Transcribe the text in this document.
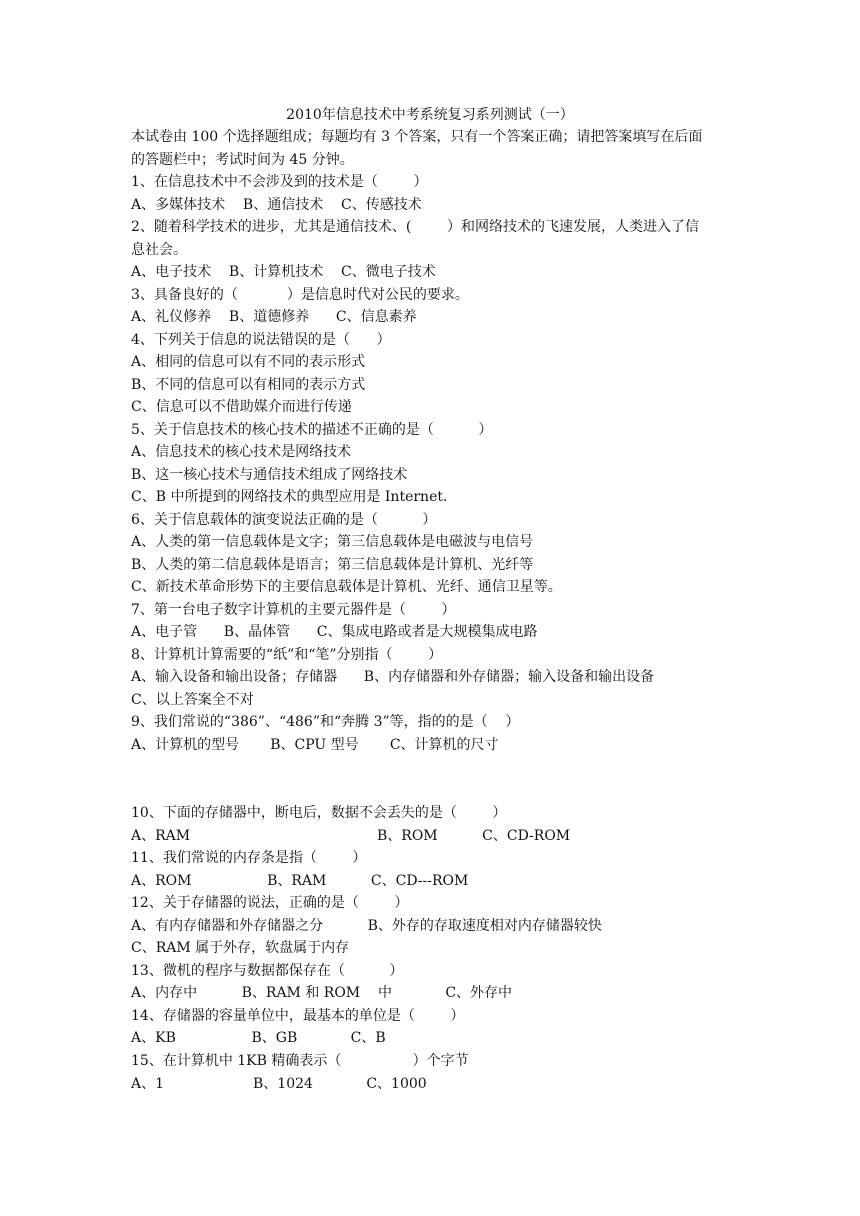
2010年信息技术中考系统复习系列测试（一）

本试卷由 100 个选择题组成；每题均有 3 个答案，只有一个答案正确；请把答案填写在后面

的答题栏中；考试时间为 45 分钟。

1、在信息技术中不会涉及到的技术是（        ）

A、多媒体技术    B、通信技术    C、传感技术

2、随着科学技术的进步，尤其是通信技术、(        ）和网络技术的飞速发展，人类进入了信

息社会。

A、电子技术    B、计算机技术    C、微电子技术

3、具备良好的（           ）是信息时代对公民的要求。

A、礼仪修养    B、道德修养      C、信息素养

4、下列关于信息的说法错误的是（      ）

A、相同的信息可以有不同的表示形式

B、不同的信息可以有相同的表示方式

C、信息可以不借助媒介而进行传递

5、关于信息技术的核心技术的描述不正确的是（          ）

A、信息技术的核心技术是网络技术

B、这一核心技术与通信技术组成了网络技术

C、B 中所提到的网络技术的典型应用是 Internet.

6、关于信息载体的演变说法正确的是（          ）

A、人类的第一信息载体是文字；第三信息载体是电磁波与电信号

B、人类的第二信息载体是语言；第三信息载体是计算机、光纤等

C、新技术革命形势下的主要信息载体是计算机、光纤、通信卫星等。

7、第一台电子数字计算机的主要元器件是（        ）

A、电子管      B、晶体管      C、集成电路或者是大规模集成电路

8、计算机计算需要的“纸”和“笔”分别指（        ）

A、输入设备和输出设备；存储器      B、内存储器和外存储器；输入设备和输出设备

C、以上答案全不对

9、我们常说的“386”、“486”和“奔腾 3”等，指的的是（    ）

A、计算机的型号       B、CPU 型号       C、计算机的尺寸

10、下面的存储器中，断电后，数据不会丢失的是（        ）

A、RAM                                          B、ROM          C、CD-ROM

11、我们常说的内存条是指（        ）

A、ROM                 B、RAM          C、CD---ROM

12、关于存储器的说法，正确的是（        ）

A、有内存储器和外存储器之分          B、外存的存取速度相对内存储器较快

C、RAM 属于外存，软盘属于内存

13、微机的程序与数据都保存在（          ）

A、内存中          B、RAM 和 ROM    中            C、外存中

14、存储器的容量单位中，最基本的单位是（        ）

A、KB                 B、GB            C、B

15、在计算机中 1KB 精确表示（                ）个字节

A、1                    B、1024            C、1000
